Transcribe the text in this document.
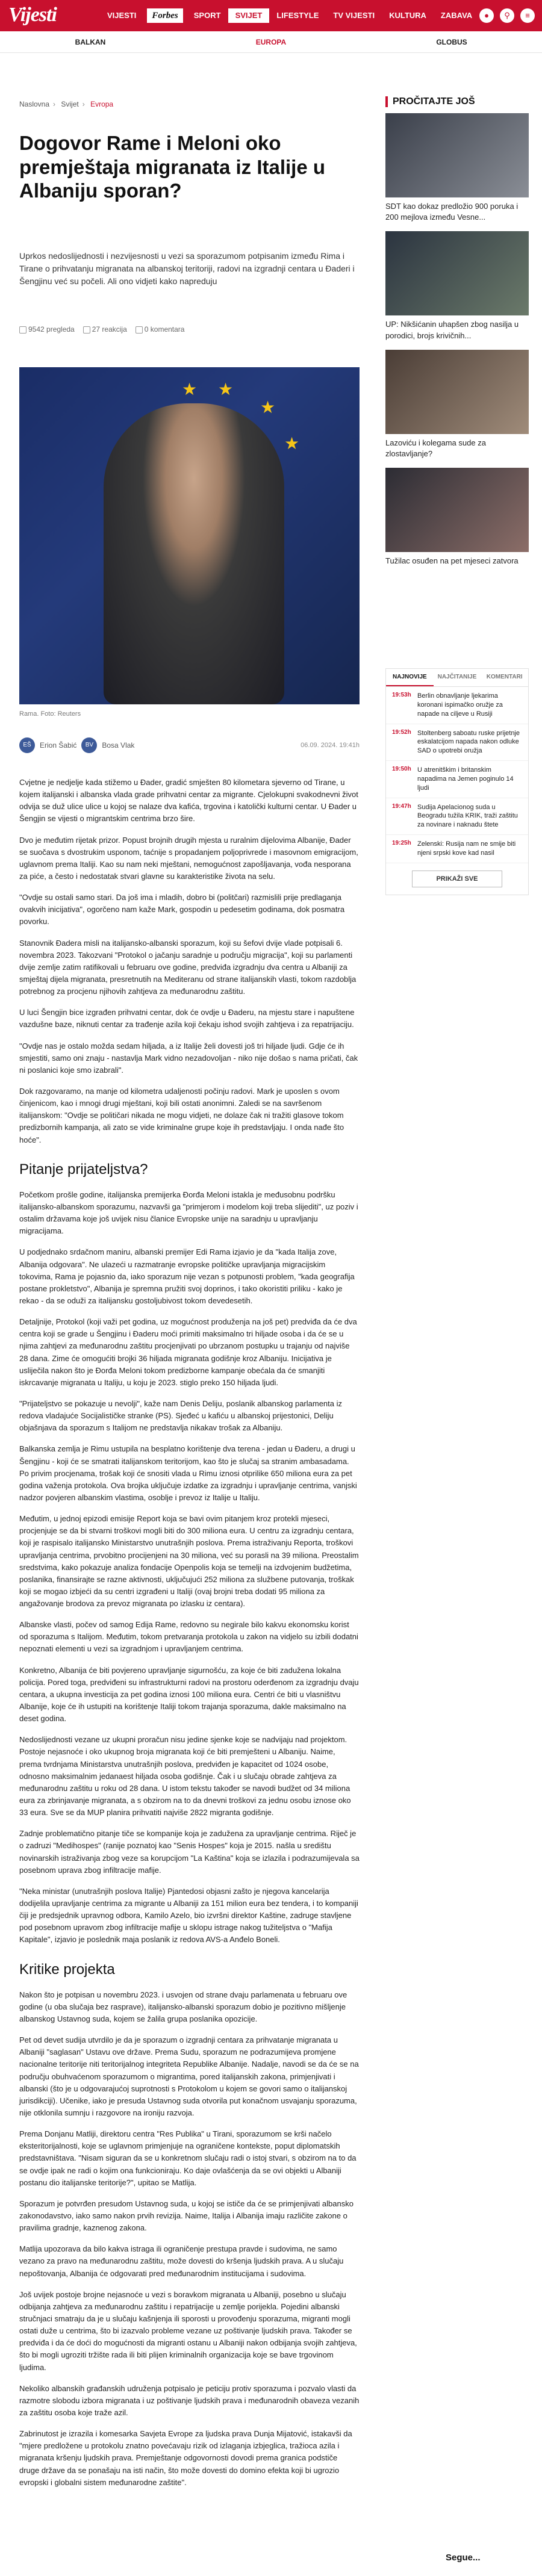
Vijesti	VIJESTI	Forbes	SPORT	SVIJET	LIFESTYLE	TV VIJESTI	KULTURA	ZABAVA	●	⚲	≡
BALKAN	EUROPA	GLOBUS
Naslovna › Svijet › Evropa
Dogovor Rame i Meloni oko premještaja migranata iz Italije u Albaniju sporan?

Upr​kos nedoslijednosti i nezvijesnosti u vezi sa sporazumom potpisanim između Rima i Tirane o prihvatanju migranata na albanskoj teritoriji, radovi na izgradnji centara u Đaderi i Šengjinu već su počeli. Ali ono vidjeti kako napreduju

9542 pregleda	27 reakcija	0 komentara
★
★
★
★
Rama. Foto: Reuters
EŠ	Erion Šabić	BV	Bosa Vlak	06.09. 2024. 19:41h

Cvjetne je nedjelje kada stižemo u Đader, gradić smješten 80 kilometara sjeverno od Tirane, u kojem italijanski i albanska vlada grade prihvatni centar za migrante. Cjelokupni svakodnevni život odvija se duž ulice ulice u kojoj se nalaze dva kafića, trgovina i katolički kulturni centar. U Đader u Šengjin se vijesti o migrantskim centrima brzo šire.

Dvo je međutim rijetak prizor. Popust brojnih drugih mjesta u ruralnim dijelovima Albanije, Đader se suočava s dvostrukim usponom, taćnije s propadanjem poljoprivrede i masovnom emigracijom, uglavnom prema Italiji. Kao su nam neki mještani, nemogućnost zapošljavanja, vođa nesporana za piće, a često i nedostatak stvari glavne su karakteristike života na selu.

"Ovdje su ostali samo stari. Da još ima i mladih, dobro bi (politčari) razmislili prije predlaganja ovakvih inicijativa", ogorčeno nam kaže Mark, gospodin u pedesetim godinama, dok posmatra povorku.

Stanovnik Đadera misli na italijansko-albanski sporazum, koji su šefovi dvije vlade potpisali 6. novembra 2023. Takozvani "Protokol o jačanju saradnje u području migracija", koji su parlamenti dvije zemlje zatim ratifikovali u februaru ove godine, predviđa izgradnju dva centra u Albaniji za smještaj dijela migranata, presretnutih na Mediteranu od strane italijanskih vlasti, tokom razdoblja potrebnog za procjenu njihovih zahtjeva za međunarodnu zaštitu.

U luci Šengjin bice izgrađen prihvatni centar, dok će ovdje u Đaderu, na mjestu stare i napuštene vazdušne baze, niknuti centar za trađenje azila koji čekaju ishod svojih zahtjeva i za repatrijaciju.

"Ovdje nas je ostalo možda sedam hiljada, a iz Italije želi dovesti još tri hiljade ljudi. Gdje će ih smjestiti, samo oni znaju - nastavlja Mark vidno nezadovoljan - niko nije došao s nama pričati, čak ni poslanici koje smo izabrali".

Dok razgovaramo, na manje od kilometra udaljenosti počinju radovi. Mark je uposlen s ovom činjenicom, kao i mnogi drugi mještani, koji bili ostati anonimni. Zaledi se na savršenom italijanskom: "Ovdje se političari nikada ne mogu vidjeti, ne dolaze čak ni tražiti glasove tokom predizbornih kampanja, ali zato se vide kriminalne grupe koje ih predstavljaju. I onda nađe što hoće".

Pitanje prijateljstva?

Početkom prošle godine, italijanska premijerka Đorđa Meloni istakla je međusobnu podršku italijansko-albanskom sporazumu, nazvavši ga "primjerom i modelom koji treba slijediti", uz poziv i ostalim državama koje još uvijek nisu članice Evropske unije na saradnju u upravljanju migracijama.

U podjednako srdačnom maniru, albanski premijer Edi Rama izjavio je da "kada Italija zove, Albanija odgovara". Ne ulazeći u razmatranje evropske političke upravljanja migracijskim tokovima, Rama je pojasnio da, iako sporazum nije vezan s potpunosti problem, "kada geografija postane prokletstvo", Albanija je spremna pružiti svoj doprinos, i tako okoristiti priliku - kako je rekao - da se oduži za italijansku gostoljubivost tokom devedesetih.

Detaljnije, Protokol (koji važi pet godina, uz mogućnost produženja na još pet) predviđa da će dva centra koji se grade u Šengjinu i Đaderu moći primiti maksimalno tri hiljade osoba i da će se u njima zahtjevi za međunarodnu zaštitu procjenjivati po ubrzanom postupku u trajanju od najviše 28 dana. Zime će omogućiti brojki 36 hiljada migranata godišnje kroz Albaniju. Inicijativa je usliječila nakon što je Đorđa Meloni tokom predizborne kampanje obećala da će smanjiti iskrcavanje migranata u Italiju, u koju je 2023. stiglo preko 150 hiljada ljudi.

"Prijateljstvo se pokazuje u nevolji", kaže nam Denis Deliju, poslanik albanskog parlamenta iz redova vladajuće Socijalističke stranke (PS). Sjeđeć u kafiću u albanskoj prijestonici, Deliju objašnjava da sporazum s Italijom ne predstavlja nikakav trošak za Albaniju.

Balkanska zemlja je Rimu ustupila na besplatno korištenje dva terena - jedan u Đaderu, a drugi u Šengjinu - koji će se smatrati italijanskom teritorijom, kao što je slučaj sa stranim ambasadama. Po privim procjenama, trošak koji će snositi vlada u Rimu iznosi otprilike 650 miliona eura za pet godina važenja protokola. Ova brojka uključuje izdatke za izgradnju i upravljanje centrima, vanjski nadzor povjeren albanskim vlastima, osoblje i prevoz iz Italije u Italiju.

Međutim, u jednoj epizodi emisije Report koja se bavi ovim pitanjem kroz protekli mjeseci, procjenjuje se da bi stvarni troškovi mogli biti do 300 miliona eura. U centru za izgradnju centara, koji je raspisalo italijansko Ministarstvo unutrašnjih poslova. Prema istraživanju Reporta, troškovi upravljanja centrima, prvobitno procijenjeni na 30 miliona, već su porasli na 39 miliona. Preostalim sredstvima, kako pokazuje analiza fondacije Openpolis koja se temelji na izdvojenim budžetima, poslanika, finansirajte se razne aktivnosti, uključujući 252 miliona za službene putovanja, troškak koji se mogao izbjeći da su centri izgrađeni u Italiji (ovaj brojni treba dodati 95 miliona za angažovanje brodova za prevoz migranata po izlasku iz centara).

Albanske vlasti, počev od samog Edija Rame, redovno su negirale bilo kakvu ekonomsku korist od sporazuma s Italijom. Međutim, tokom pretvaranja protokola u zakon na vidjelo su izbili dodatni nepoznati elementi u vezi sa izgradnjom i upravljanjem centrima.

Konkretno, Albanija će biti povjereno upravljanje sigurnošću, za koje će biti zadužena lokalna policija. Pored toga, predviđeni su infrastrukturni radovi na prostoru oderđenom za izgradnju dvaju centara, a ukupna investicija za pet godina iznosi 100 miliona eura. Centri će biti u vlasništvu Albanije, koje će ih ustupiti na korištenje Italiji tokom trajanja sporazuma, dakle maksimalno na deset godina.

Nedoslijednosti vezane uz ukupni proračun nisu jedine sjenke koje se nadvijaju nad projektom. Postoje nejasnoće i oko ukupnog broja migranata koji će biti premješteni u Albaniju. Naime, prema tvrdnjama Ministarstva unutrašnjih poslova, predviđen je kapacitet od 1024 osobe, odnosno maksimalnim jedanaest hiljada osoba godišnje. Čak i u slučaju obrade zahtjeva za međunarodnu zaštitu u roku od 28 dana. U istom tekstu također se navodi budžet od 34 miliona eura za zbrinjavanje migranata, a s obzirom na to da dnevni troškovi za jednu osobu iznose oko 33 eura. Sve se da MUP planira prihvatiti najviše 2822 migranta godišnje.

Zadnje problematično pitanje tiče se kompanije koja je zadužena za upravljanje centrima. Riječ je o zadruzi "Medihospes" (ranije poznatoj kao "Senis Hospes" koja je 2015. našla u središtu novinarskih istraživanja zbog veze sa korupcijom "La Kaština" koja se izlazila i podrazumijevala sa posebnom uprava zbog infiltracije mafije.

"Neka ministar (unutrašnjih poslova Italije) Pjantedosi objasni zašto je njegova kancelarija dodijelila upravljanje centrima za migrante u Albaniji za 151 milion eura bez tendera, i to kompaniji čiji je predsjednik upravnog odbora, Kamilo Azelo, bio izvršni direktor Kaštine, zadruge stavljene pod posebnom upravom zbog infiltracije mafije u sklopu istrage nakog tužiteljstva o "Mafija Kapitale", izjavio je poslednik maja poslanik iz redova AVS-a Anđelo Boneli.

Kritike projekta

Nakon što je potpisan u novembru 2023. i usvojen od strane dvaju parlamenata u februaru ove godine (u oba slučaja bez rasprave), italijansko-albanski sporazum dobio je pozitivno mišljenje albanskog Ustavnog suda, kojem se žalila grupa poslanika opozicije.

Pet od devet sudija utvrdilo je da je sporazum o izgradnji centara za prihvatanje migranata u Albaniji "saglasan" Ustavu ove države. Prema Sudu, sporazum ne podrazumijeva promjene nacionalne teritorije niti teritorijalnog integriteta Republike Albanije. Nadalje, navodi se da će se na području obuhvaćenom sporazumom o migrantima, pored italijanskih zakona, primjenjivati i albanski (što je u odgovarajućoj suprotnosti s Protokolom u kojem se govori samo o italijanskoj jurisdikciji). Učenike, iako je presuda Ustavnog suda otvorila put konačnom usvajanju sporazuma, nije otklonila sumnju i razgovore na ironiju razvoja.

Prema Donjanu Matliji, direktoru centra "Res Publika" u Tirani, sporazumom se krši načelo eksteritorijalnosti, koje se uglavnom primjenjuje na ograničene kontekste, poput diplomatskih predstavništava. "Nisam siguran da se u konkretnom slučaju radi o istoj stvari, s obzirom na to da se ovdje ipak ne radi o kojim ona funkcioniraju. Ko daje ovlašćenja da se ovi objekti u Albaniji postanu dio italijanske teritorije?", upitao se Matlija.

Sporazum je potvrđen presudom Ustavnog suda, u kojoj se ističe da će se primjenjivati albansko zakonodavstvo, iako samo nakon prvih revizija. Naime, Italija i Albanija imaju različite zakone o pravilima gradnje, kaznenog zakona.

Matlija upozorava da bilo kakva istraga ili ograničenje prestupa pravde i sudovima, ne samo vezano za pravo na međunarodnu zaštitu, može dovesti do kršenja ljudskih prava. A u slučaju nepoštovanja, Albanija će odgovarati pred međunarodnim institucijama i sudovima.

Još uvijek postoje brojne nejasnoće u vezi s boravkom migranata u Albaniji, posebno u slučaju odbijanja zahtjeva za međunarodnu zaštitu i repatrijacije u zemlje porijekla. Pojedini albanski stručnjaci smatraju da je u slučaju kašnjenja ili sporosti u provođenju sporazuma, migranti mogli ostati duže u centrima, što bi izazvalo probleme vezane uz poštivanje ljudskih prava. Također se predviđa i da će doći do mogućnosti da migranti ostanu u Albaniji nakon odbijanja svojih zahtjeva, što bi mogli ugroziti tržište rada ili biti plijen kriminalnih organizacija koje se bave trgovinom ljudima.

Nekoliko albanskih građanskih udruženja potpisalo je peticiju protiv sporazuma i pozvalo vlasti da razmotre slobodu izbora migranata i uz poštivanje ljudskih prava i međunarodnih obaveza vezanih za zaštitu osoba koje traže azil.

Zabrinutost je izrazila i komesarka Savjeta Evrope za ljudska prava Dunja Mijatović, istakavši da "mjere predložene u protokolu znatno povećavaju rizik od izlaganja izbjeglica, tražioca azila i migranata kršenju ljudskih prava. Premještanje odgovornosti dovodi prema granica podstiče druge države da se ponašaju na isti način, što može dovesti do domino efekta koji bi ugrozio evropski i globalni sistem međunarodne zaštite".

PROČITAJTE JOŠ
SDT kao dokaz predložio 900 poruka i 200 mejlova između Vesne...
UP: Nikšićanin uhapšen zbog nasilja u porodici, brojs krivičnih...
Lazoviću i kolegama sude za zlostavljanje?
Tužilac osuđen na pet mjeseci zatvora
NAJNOVIJE	NAJČITANIJE	KOMENTARI
19:53h Berlin obnavljanje ljekarima koronani ispimačko oružje za napade na ciljeve u Rusiji
19:52h Stoltenberg saboatu ruske prijetnje eskalat​cijom napada nakon odluke SAD o upotrebi oružja
19:50h U atrenitškim i britanskim napadima na Jemen poginulo 14 ljudi
19:47h Sudija Apelacionog suda u Beogradu tužila KRIK, traži zaštitu za novinare i naknadu štete
19:25h Zelenski: Rusija nam ne smije biti njeni srpski kove kad nasil
PRIKAŽI SVE
Segue...
